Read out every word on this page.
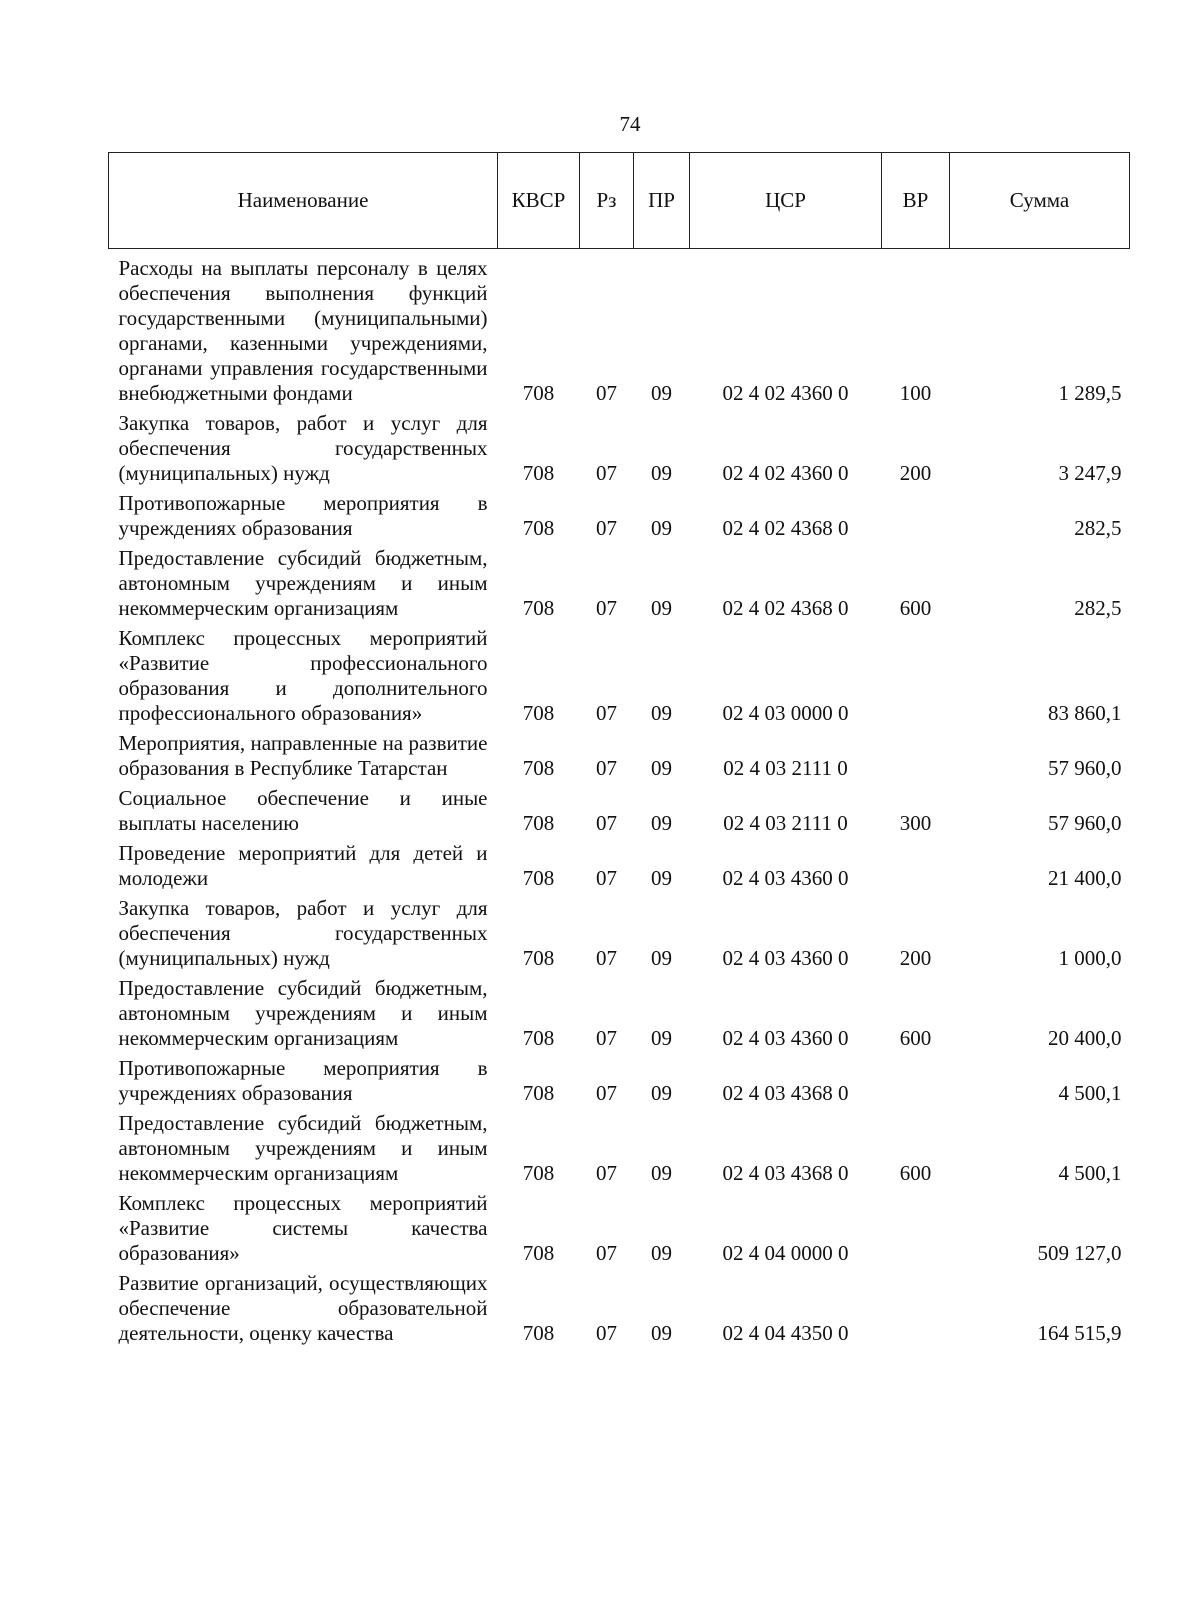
74
Наименование	КВСР	Рз	ПР	ЦСР	ВР	Сумма

Расходы на выплаты персоналу в целях обеспечения выполнения функций государственными (муниципальными) органами, казенными учреждениями, органами управления государственными внебюджетными фондами	708	07	09	02 4 02 4360 0	100	1 289,5
Закупка товаров, работ и услуг для обеспечения государственных (муниципальных) нужд	708	07	09	02 4 02 4360 0	200	3 247,9
Противопожарные мероприятия в учреждениях образования	708	07	09	02 4 02 4368 0		282,5
Предоставление субсидий бюджетным, автономным учреждениям и иным некоммерческим организациям	708	07	09	02 4 02 4368 0	600	282,5
Комплекс процессных мероприятий «Развитие профессионального образования и дополнительного профессионального образования»	708	07	09	02 4 03 0000 0		83 860,1
Мероприятия, направленные на развитие образования в Республике Татарстан	708	07	09	02 4 03 2111 0		57 960,0
Социальное обеспечение и иные выплаты населению	708	07	09	02 4 03 2111 0	300	57 960,0
Проведение мероприятий для детей и молодежи	708	07	09	02 4 03 4360 0		21 400,0
Закупка товаров, работ и услуг для обеспечения государственных (муниципальных) нужд	708	07	09	02 4 03 4360 0	200	1 000,0
Предоставление субсидий бюджетным, автономным учреждениям и иным некоммерческим организациям	708	07	09	02 4 03 4360 0	600	20 400,0
Противопожарные мероприятия в учреждениях образования	708	07	09	02 4 03 4368 0		4 500,1
Предоставление субсидий бюджетным, автономным учреждениям и иным некоммерческим организациям	708	07	09	02 4 03 4368 0	600	4 500,1
Комплекс процессных мероприятий «Развитие системы качества образования»	708	07	09	02 4 04 0000 0		509 127,0
Развитие организаций, осуществляющих обеспечение образовательной деятельности, оценку качества	708	07	09	02 4 04 4350 0		164 515,9
